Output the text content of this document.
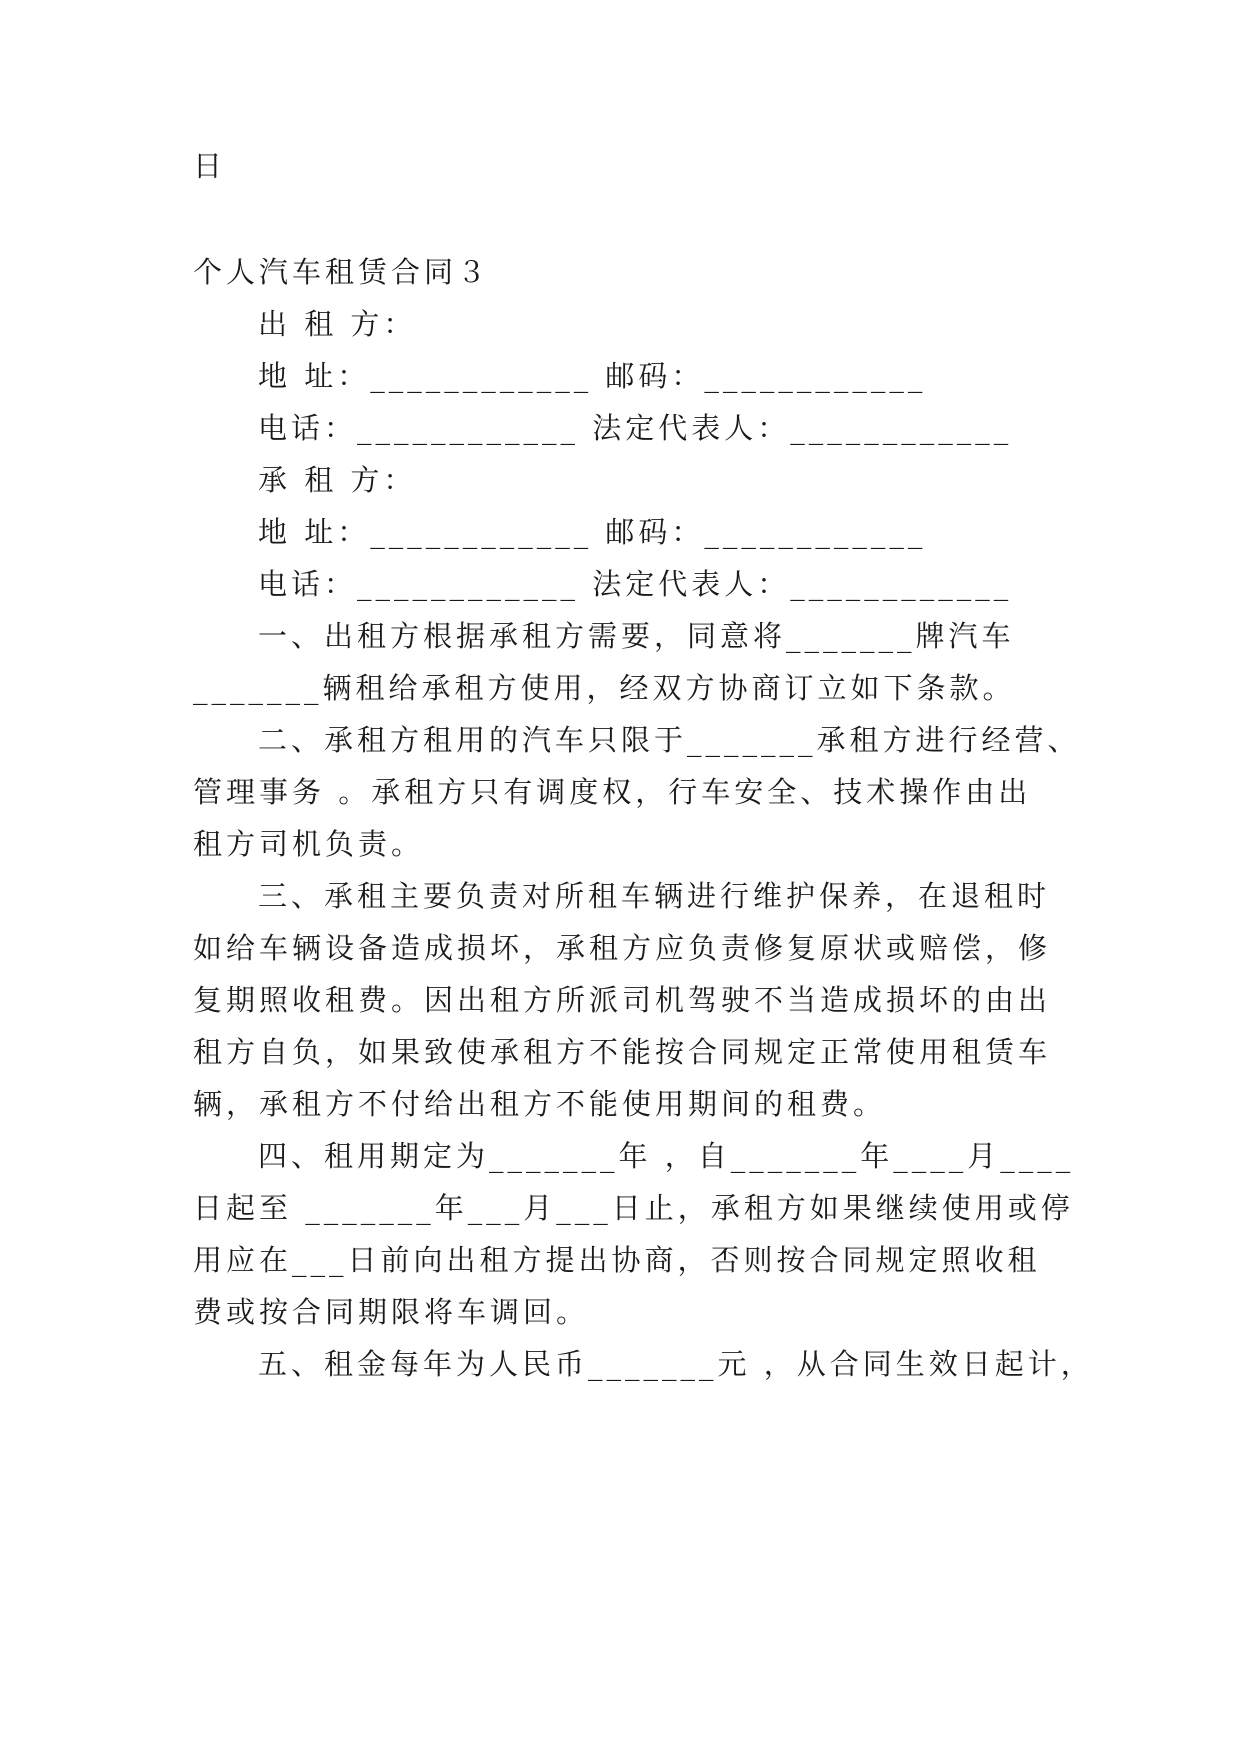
日
个人汽车租赁合同３
出 租 方：
地 址：____________ 邮码：____________
电话：____________ 法定代表人：____________
承 租 方：
地 址：____________ 邮码：____________
电话：____________ 法定代表人：____________
一、出租方根据承租方需要，同意将_______牌汽车
_______辆租给承租方使用，经双方协商订立如下条款。
二、承租方租用的汽车只限于_______承租方进行经营、
管理事务 。承租方只有调度权，行车安全、技术操作由出
租方司机负责。
三、承租主要负责对所租车辆进行维护保养，在退租时
如给车辆设备造成损坏，承租方应负责修复原状或赔偿，修
复期照收租费。因出租方所派司机驾驶不当造成损坏的由出
租方自负，如果致使承租方不能按合同规定正常使用租赁车
辆，承租方不付给出租方不能使用期间的租费。
四、租用期定为_______年 ，自_______年____月____
日起至 _______年___月___日止，承租方如果继续使用或停
用应在___日前向出租方提出协商，否则按合同规定照收租
费或按合同期限将车调回。
五、租金每年为人民币_______元 ，从合同生效日起计，
